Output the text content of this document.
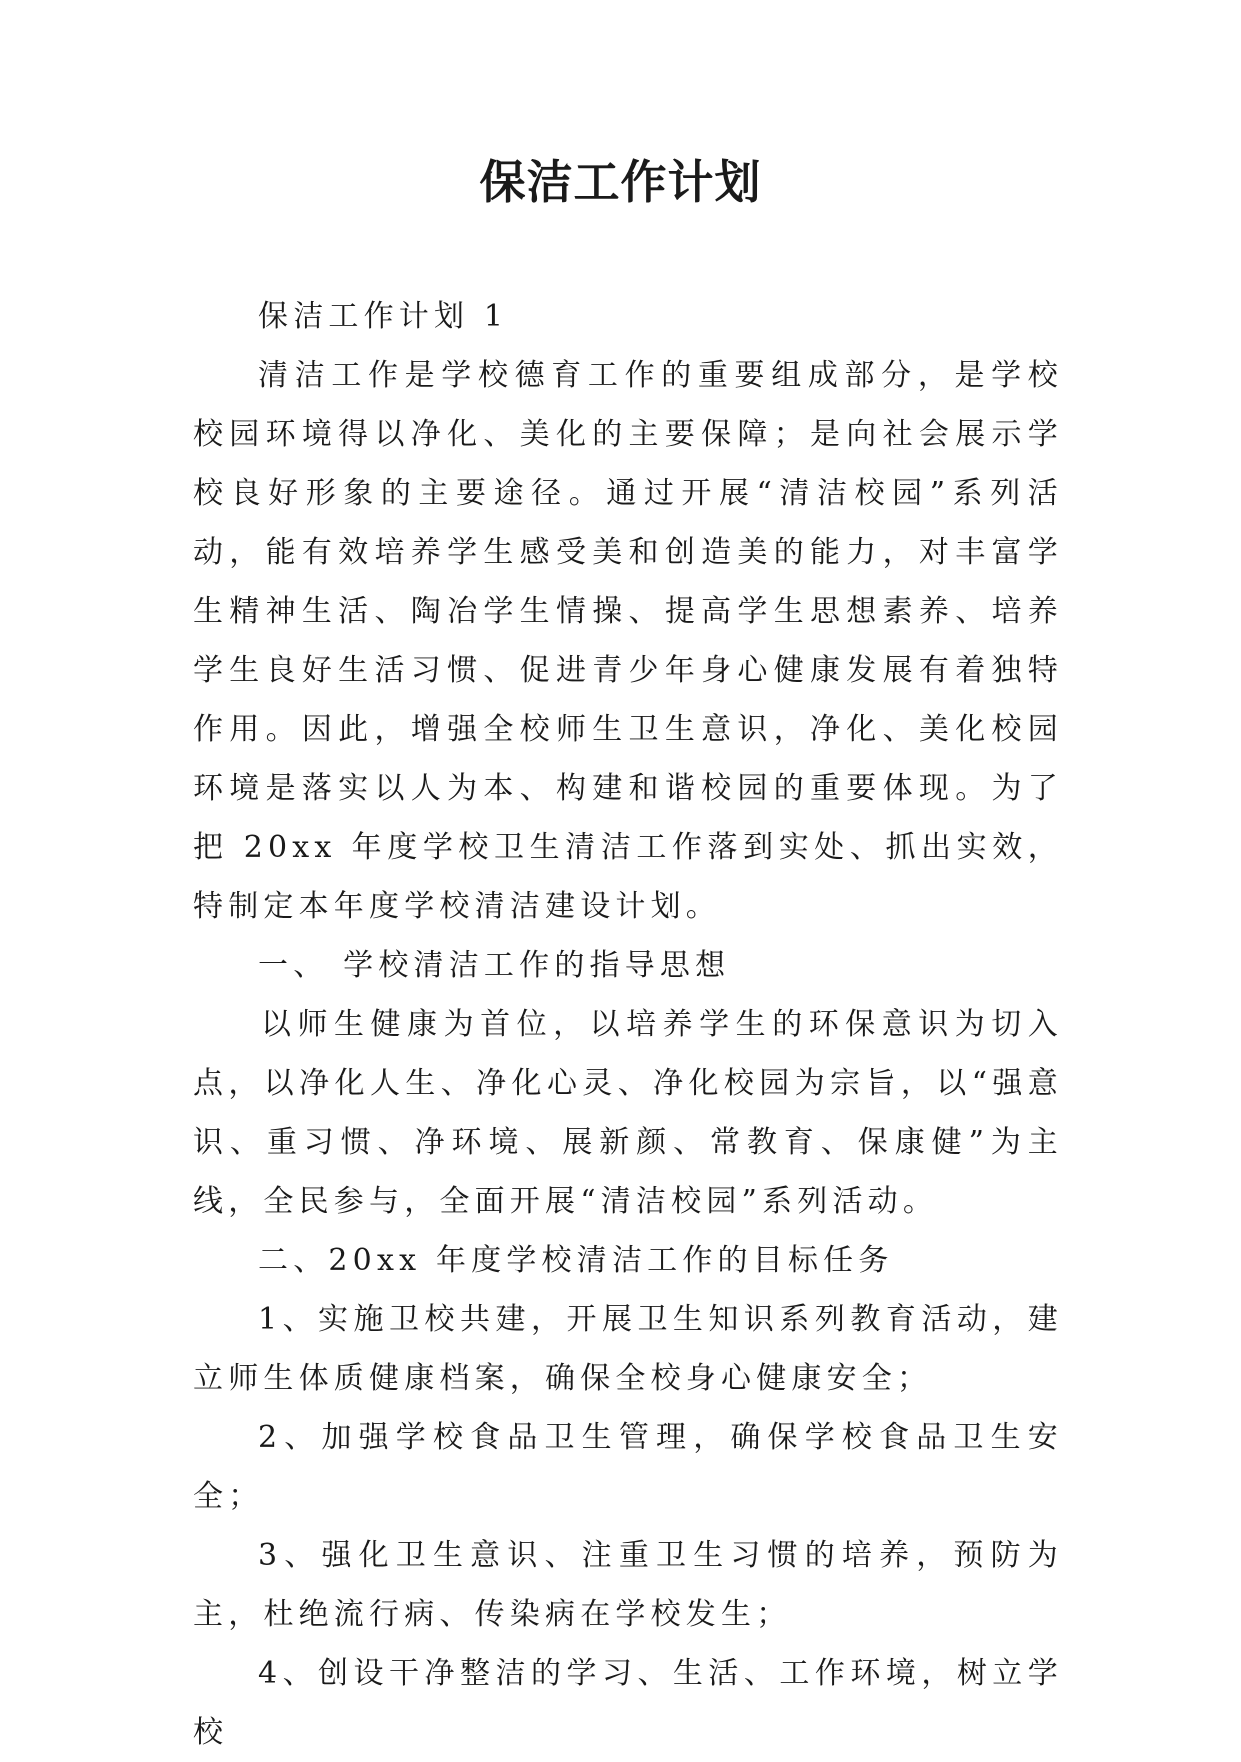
保洁工作计划

保洁工作计划 1

清洁工作是学校德育工作的重要组成部分，是学校校园环境得以净化、美化的主要保障；是向社会展示学校良好形象的主要途径。通过开展“清洁校园”系列活动，能有效培养学生感受美和创造美的能力，对丰富学生精神生活、陶冶学生情操、提高学生思想素养、培养学生良好生活习惯、促进青少年身心健康发展有着独特作用。因此，增强全校师生卫生意识，净化、美化校园环境是落实以人为本、构建和谐校园的重要体现。为了把 20xx 年度学校卫生清洁工作落到实处、抓出实效，特制定本年度学校清洁建设计划。

一、 学校清洁工作的指导思想

以师生健康为首位，以培养学生的环保意识为切入点，以净化人生、净化心灵、净化校园为宗旨，以“强意识、重习惯、净环境、展新颜、常教育、保康健”为主线，全民参与，全面开展“清洁校园”系列活动。

二、20xx 年度学校清洁工作的目标任务

1、实施卫校共建，开展卫生知识系列教育活动，建立师生体质健康档案，确保全校身心健康安全；

2、加强学校食品卫生管理，确保学校食品卫生安全；

3、强化卫生意识、注重卫生习惯的培养，预防为主，杜绝流行病、传染病在学校发生；

4、创设干净整洁的学习、生活、工作环境，树立学校
